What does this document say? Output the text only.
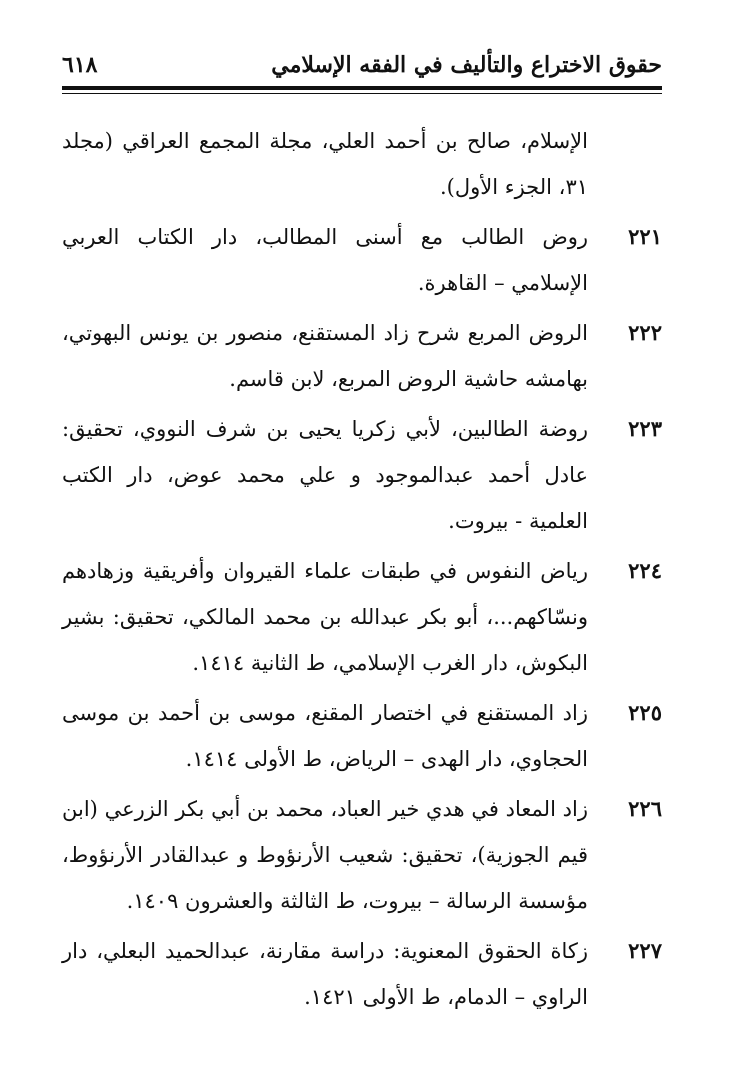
حقوق الاختراع والتأليف في الفقه الإسلامي
٦١٨
الإسلام، صالح بن أحمد العلي، مجلة المجمع العراقي (مجلد ٣١، الجزء الأول).
٢٢١
روض الطالب مع أسنى المطالب، دار الكتاب العربي الإسلامي – القاهرة.
٢٢٢
الروض المربع شرح زاد المستقنع، منصور بن يونس البهوتي، بهامشه حاشية الروض المربع، لابن قاسم.
٢٢٣
روضة الطالبين، لأبي زكريا يحيى بن شرف النووي، تحقيق: عادل أحمد عبدالموجود و علي محمد عوض، دار الكتب العلمية - بيروت.
٢٢٤
رياض النفوس في طبقات علماء القيروان وأفريقية وزهادهم ونسّاكهم...، أبو بكر عبدالله بن محمد المالكي، تحقيق: بشير البكوش، دار الغرب الإسلامي، ط الثانية ١٤١٤.
٢٢٥
زاد المستقنع في اختصار المقنع، موسى بن أحمد بن موسى الحجاوي، دار الهدى – الرياض، ط الأولى ١٤١٤.
٢٢٦
زاد المعاد في هدي خير العباد، محمد بن أبي بكر الزرعي (ابن قيم الجوزية)، تحقيق: شعيب الأرنؤوط و عبدالقادر الأرنؤوط، مؤسسة الرسالة – بيروت، ط الثالثة والعشرون ١٤٠٩.
٢٢٧
زكاة الحقوق المعنوية: دراسة مقارنة، عبدالحميد البعلي، دار الراوي – الدمام، ط الأولى ١٤٢١.
